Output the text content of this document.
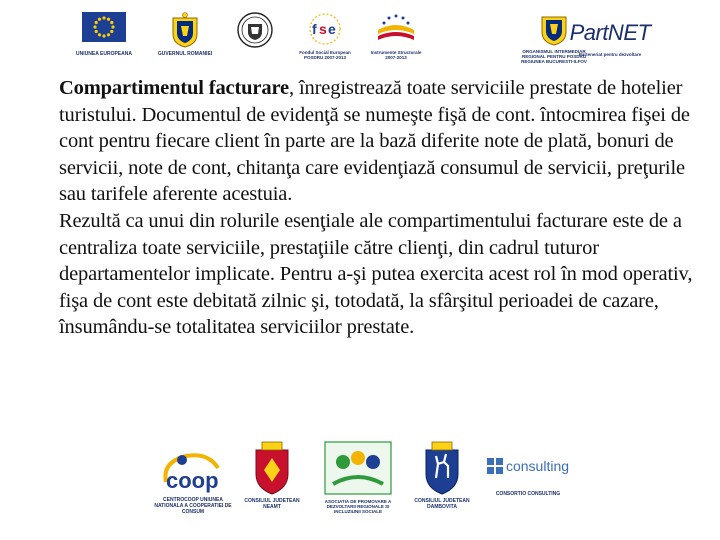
UNIUNEA EUROPEANA	GUVERNUL ROMANIEI
f s e
Fondul Social European POSDRU 2007-2013
Instrumente Structurale 2007-2013
ORGANISMUL INTERMEDIAR REGIONAL PENTRU POSDRU REGIUNEA BUCURESTI-ILFOV
PartNET
Parteneriat pentru dezvoltare

Compartimentul facturare, înregistrează toate serviciile prestate de hotelier turistului. Documentul de evidenţă se numeşte fişă de cont. întocmirea fişei de cont pentru fiecare client în parte are la bază diferite note de plată, bonuri de servicii, note de cont, chitanţa care evidenţiază consumul de servicii, preţurile sau tarifele aferente acestuia.

Rezultă ca unui din rolurile esenţiale ale compartimentului facturare este de a centraliza toate serviciile, prestaţiile către clienţi, din cadrul tuturor departamentelor implicate. Pentru a-şi putea exercita acest rol în mod operativ, fişa de cont este debitată zilnic şi, totodată, la sfârşitul perioadei de cazare, însumându-se totalitatea serviciilor prestate.

coop
CENTROCOOP UNIUNEA NATIONALA A COOPERATIEI DE CONSUM
CONSILIUL JUDETEAN NEAMT
ASOCIATIA DE PROMOVARE A DEZVOLTARII REGIONALE SI INCLUZIUNII SOCIALE
CONSILIUL JUDETEAN DAMBOVITA
consulting
CONSORTIO CONSULTING
